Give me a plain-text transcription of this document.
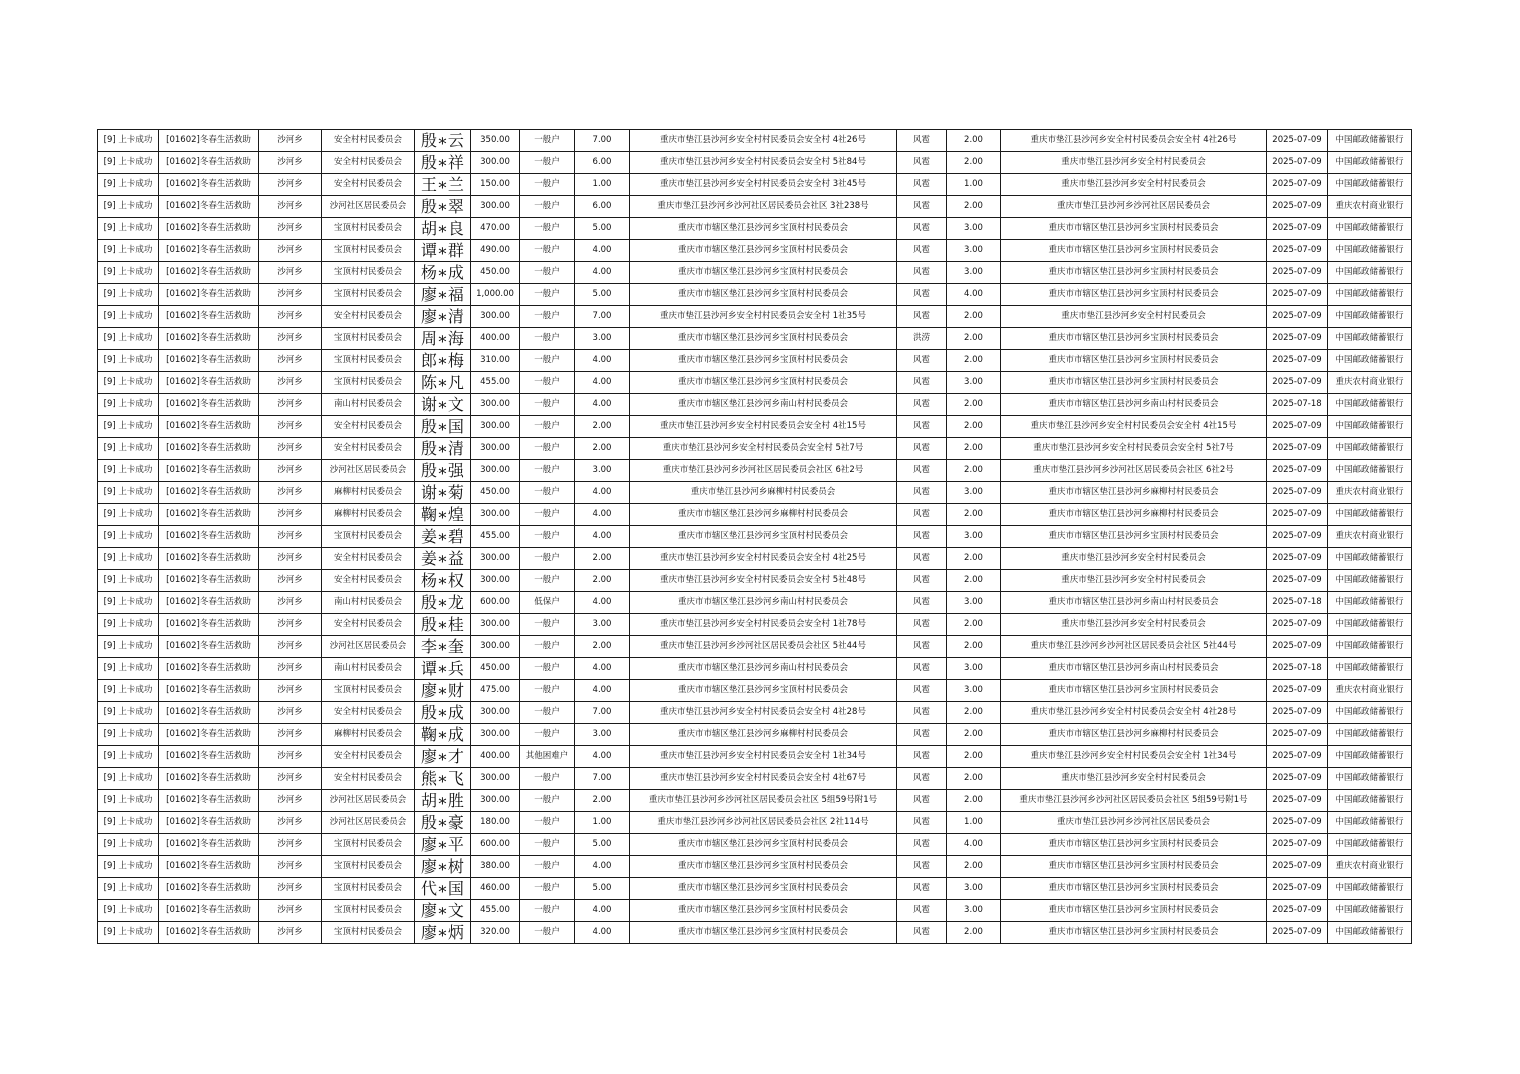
[9] 上卡成功	[01602]冬春生活救助	沙河乡	安全村村民委员会	殷∗云	350.00	一般户	7.00	重庆市垫江县沙河乡安全村村民委员会安全村 4社26号	风雹	2.00	重庆市垫江县沙河乡安全村村民委员会安全村 4社26号	2025-07-09	中国邮政储蓄银行
[9] 上卡成功	[01602]冬春生活救助	沙河乡	安全村村民委员会	殷∗祥	300.00	一般户	6.00	重庆市垫江县沙河乡安全村村民委员会安全村 5社84号	风雹	2.00	重庆市垫江县沙河乡安全村村民委员会	2025-07-09	中国邮政储蓄银行
[9] 上卡成功	[01602]冬春生活救助	沙河乡	安全村村民委员会	王∗兰	150.00	一般户	1.00	重庆市垫江县沙河乡安全村村民委员会安全村 3社45号	风雹	1.00	重庆市垫江县沙河乡安全村村民委员会	2025-07-09	中国邮政储蓄银行
[9] 上卡成功	[01602]冬春生活救助	沙河乡	沙河社区居民委员会	殷∗翠	300.00	一般户	6.00	重庆市垫江县沙河乡沙河社区居民委员会社区 3社238号	风雹	2.00	重庆市垫江县沙河乡沙河社区居民委员会	2025-07-09	重庆农村商业银行
[9] 上卡成功	[01602]冬春生活救助	沙河乡	宝顶村村民委员会	胡∗良	470.00	一般户	5.00	重庆市市辖区垫江县沙河乡宝顶村村民委员会	风雹	3.00	重庆市市辖区垫江县沙河乡宝顶村村民委员会	2025-07-09	中国邮政储蓄银行
[9] 上卡成功	[01602]冬春生活救助	沙河乡	宝顶村村民委员会	谭∗群	490.00	一般户	4.00	重庆市市辖区垫江县沙河乡宝顶村村民委员会	风雹	3.00	重庆市市辖区垫江县沙河乡宝顶村村民委员会	2025-07-09	中国邮政储蓄银行
[9] 上卡成功	[01602]冬春生活救助	沙河乡	宝顶村村民委员会	杨∗成	450.00	一般户	4.00	重庆市市辖区垫江县沙河乡宝顶村村民委员会	风雹	3.00	重庆市市辖区垫江县沙河乡宝顶村村民委员会	2025-07-09	中国邮政储蓄银行
[9] 上卡成功	[01602]冬春生活救助	沙河乡	宝顶村村民委员会	廖∗福	1,000.00	一般户	5.00	重庆市市辖区垫江县沙河乡宝顶村村民委员会	风雹	4.00	重庆市市辖区垫江县沙河乡宝顶村村民委员会	2025-07-09	中国邮政储蓄银行
[9] 上卡成功	[01602]冬春生活救助	沙河乡	安全村村民委员会	廖∗清	300.00	一般户	7.00	重庆市垫江县沙河乡安全村村民委员会安全村 1社35号	风雹	2.00	重庆市垫江县沙河乡安全村村民委员会	2025-07-09	中国邮政储蓄银行
[9] 上卡成功	[01602]冬春生活救助	沙河乡	宝顶村村民委员会	周∗海	400.00	一般户	3.00	重庆市市辖区垫江县沙河乡宝顶村村民委员会	洪涝	2.00	重庆市市辖区垫江县沙河乡宝顶村村民委员会	2025-07-09	中国邮政储蓄银行
[9] 上卡成功	[01602]冬春生活救助	沙河乡	宝顶村村民委员会	郎∗梅	310.00	一般户	4.00	重庆市市辖区垫江县沙河乡宝顶村村民委员会	风雹	2.00	重庆市市辖区垫江县沙河乡宝顶村村民委员会	2025-07-09	中国邮政储蓄银行
[9] 上卡成功	[01602]冬春生活救助	沙河乡	宝顶村村民委员会	陈∗凡	455.00	一般户	4.00	重庆市市辖区垫江县沙河乡宝顶村村民委员会	风雹	3.00	重庆市市辖区垫江县沙河乡宝顶村村民委员会	2025-07-09	重庆农村商业银行
[9] 上卡成功	[01602]冬春生活救助	沙河乡	南山村村民委员会	谢∗文	300.00	一般户	4.00	重庆市市辖区垫江县沙河乡南山村村民委员会	风雹	2.00	重庆市市辖区垫江县沙河乡南山村村民委员会	2025-07-18	中国邮政储蓄银行
[9] 上卡成功	[01602]冬春生活救助	沙河乡	安全村村民委员会	殷∗国	300.00	一般户	2.00	重庆市垫江县沙河乡安全村村民委员会安全村 4社15号	风雹	2.00	重庆市垫江县沙河乡安全村村民委员会安全村 4社15号	2025-07-09	中国邮政储蓄银行
[9] 上卡成功	[01602]冬春生活救助	沙河乡	安全村村民委员会	殷∗清	300.00	一般户	2.00	重庆市垫江县沙河乡安全村村民委员会安全村 5社7号	风雹	2.00	重庆市垫江县沙河乡安全村村民委员会安全村 5社7号	2025-07-09	中国邮政储蓄银行
[9] 上卡成功	[01602]冬春生活救助	沙河乡	沙河社区居民委员会	殷∗强	300.00	一般户	3.00	重庆市垫江县沙河乡沙河社区居民委员会社区 6社2号	风雹	2.00	重庆市垫江县沙河乡沙河社区居民委员会社区 6社2号	2025-07-09	中国邮政储蓄银行
[9] 上卡成功	[01602]冬春生活救助	沙河乡	麻柳村村民委员会	谢∗菊	450.00	一般户	4.00	重庆市垫江县沙河乡麻柳村村民委员会	风雹	3.00	重庆市市辖区垫江县沙河乡麻柳村村民委员会	2025-07-09	重庆农村商业银行
[9] 上卡成功	[01602]冬春生活救助	沙河乡	麻柳村村民委员会	鞠∗煌	300.00	一般户	4.00	重庆市市辖区垫江县沙河乡麻柳村村民委员会	风雹	2.00	重庆市市辖区垫江县沙河乡麻柳村村民委员会	2025-07-09	中国邮政储蓄银行
[9] 上卡成功	[01602]冬春生活救助	沙河乡	宝顶村村民委员会	姜∗碧	455.00	一般户	4.00	重庆市市辖区垫江县沙河乡宝顶村村民委员会	风雹	3.00	重庆市市辖区垫江县沙河乡宝顶村村民委员会	2025-07-09	重庆农村商业银行
[9] 上卡成功	[01602]冬春生活救助	沙河乡	安全村村民委员会	姜∗益	300.00	一般户	2.00	重庆市垫江县沙河乡安全村村民委员会安全村 4社25号	风雹	2.00	重庆市垫江县沙河乡安全村村民委员会	2025-07-09	中国邮政储蓄银行
[9] 上卡成功	[01602]冬春生活救助	沙河乡	安全村村民委员会	杨∗权	300.00	一般户	2.00	重庆市垫江县沙河乡安全村村民委员会安全村 5社48号	风雹	2.00	重庆市垫江县沙河乡安全村村民委员会	2025-07-09	中国邮政储蓄银行
[9] 上卡成功	[01602]冬春生活救助	沙河乡	南山村村民委员会	殷∗龙	600.00	低保户	4.00	重庆市市辖区垫江县沙河乡南山村村民委员会	风雹	3.00	重庆市市辖区垫江县沙河乡南山村村民委员会	2025-07-18	中国邮政储蓄银行
[9] 上卡成功	[01602]冬春生活救助	沙河乡	安全村村民委员会	殷∗桂	300.00	一般户	3.00	重庆市垫江县沙河乡安全村村民委员会安全村 1社78号	风雹	2.00	重庆市垫江县沙河乡安全村村民委员会	2025-07-09	中国邮政储蓄银行
[9] 上卡成功	[01602]冬春生活救助	沙河乡	沙河社区居民委员会	李∗奎	300.00	一般户	2.00	重庆市垫江县沙河乡沙河社区居民委员会社区 5社44号	风雹	2.00	重庆市垫江县沙河乡沙河社区居民委员会社区 5社44号	2025-07-09	中国邮政储蓄银行
[9] 上卡成功	[01602]冬春生活救助	沙河乡	南山村村民委员会	谭∗兵	450.00	一般户	4.00	重庆市市辖区垫江县沙河乡南山村村民委员会	风雹	3.00	重庆市市辖区垫江县沙河乡南山村村民委员会	2025-07-18	中国邮政储蓄银行
[9] 上卡成功	[01602]冬春生活救助	沙河乡	宝顶村村民委员会	廖∗财	475.00	一般户	4.00	重庆市市辖区垫江县沙河乡宝顶村村民委员会	风雹	3.00	重庆市市辖区垫江县沙河乡宝顶村村民委员会	2025-07-09	重庆农村商业银行
[9] 上卡成功	[01602]冬春生活救助	沙河乡	安全村村民委员会	殷∗成	300.00	一般户	7.00	重庆市垫江县沙河乡安全村村民委员会安全村 4社28号	风雹	2.00	重庆市垫江县沙河乡安全村村民委员会安全村 4社28号	2025-07-09	中国邮政储蓄银行
[9] 上卡成功	[01602]冬春生活救助	沙河乡	麻柳村村民委员会	鞠∗成	300.00	一般户	3.00	重庆市市辖区垫江县沙河乡麻柳村村民委员会	风雹	2.00	重庆市市辖区垫江县沙河乡麻柳村村民委员会	2025-07-09	中国邮政储蓄银行
[9] 上卡成功	[01602]冬春生活救助	沙河乡	安全村村民委员会	廖∗才	400.00	其他困难户	4.00	重庆市垫江县沙河乡安全村村民委员会安全村 1社34号	风雹	2.00	重庆市垫江县沙河乡安全村村民委员会安全村 1社34号	2025-07-09	中国邮政储蓄银行
[9] 上卡成功	[01602]冬春生活救助	沙河乡	安全村村民委员会	熊∗飞	300.00	一般户	7.00	重庆市垫江县沙河乡安全村村民委员会安全村 4社67号	风雹	2.00	重庆市垫江县沙河乡安全村村民委员会	2025-07-09	中国邮政储蓄银行
[9] 上卡成功	[01602]冬春生活救助	沙河乡	沙河社区居民委员会	胡∗胜	300.00	一般户	2.00	重庆市垫江县沙河乡沙河社区居民委员会社区 5组59号附1号	风雹	2.00	重庆市垫江县沙河乡沙河社区居民委员会社区 5组59号附1号	2025-07-09	中国邮政储蓄银行
[9] 上卡成功	[01602]冬春生活救助	沙河乡	沙河社区居民委员会	殷∗豪	180.00	一般户	1.00	重庆市垫江县沙河乡沙河社区居民委员会社区 2社114号	风雹	1.00	重庆市垫江县沙河乡沙河社区居民委员会	2025-07-09	中国邮政储蓄银行
[9] 上卡成功	[01602]冬春生活救助	沙河乡	宝顶村村民委员会	廖∗平	600.00	一般户	5.00	重庆市市辖区垫江县沙河乡宝顶村村民委员会	风雹	4.00	重庆市市辖区垫江县沙河乡宝顶村村民委员会	2025-07-09	中国邮政储蓄银行
[9] 上卡成功	[01602]冬春生活救助	沙河乡	宝顶村村民委员会	廖∗树	380.00	一般户	4.00	重庆市市辖区垫江县沙河乡宝顶村村民委员会	风雹	2.00	重庆市市辖区垫江县沙河乡宝顶村村民委员会	2025-07-09	重庆农村商业银行
[9] 上卡成功	[01602]冬春生活救助	沙河乡	宝顶村村民委员会	代∗国	460.00	一般户	5.00	重庆市市辖区垫江县沙河乡宝顶村村民委员会	风雹	3.00	重庆市市辖区垫江县沙河乡宝顶村村民委员会	2025-07-09	中国邮政储蓄银行
[9] 上卡成功	[01602]冬春生活救助	沙河乡	宝顶村村民委员会	廖∗文	455.00	一般户	4.00	重庆市市辖区垫江县沙河乡宝顶村村民委员会	风雹	3.00	重庆市市辖区垫江县沙河乡宝顶村村民委员会	2025-07-09	中国邮政储蓄银行
[9] 上卡成功	[01602]冬春生活救助	沙河乡	宝顶村村民委员会	廖∗炳	320.00	一般户	4.00	重庆市市辖区垫江县沙河乡宝顶村村民委员会	风雹	2.00	重庆市市辖区垫江县沙河乡宝顶村村民委员会	2025-07-09	中国邮政储蓄银行
